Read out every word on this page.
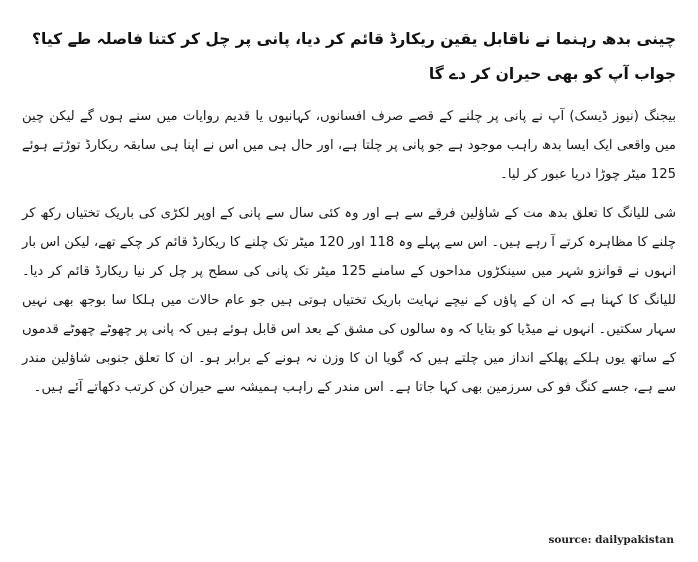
چینی بدھ رہنما نے ناقابل یقین ریکارڈ قائم کر دیا، پانی پر چل کر کتنا فاصلہ طے کیا؟ جواب آپ کو بھی حیران کر دے گا

بیجنگ (نیوز ڈیسک) آپ نے پانی پر چلنے کے قصے صرف افسانوں، کہانیوں یا قدیم روایات میں سنے ہوں گے لیکن چین میں واقعی ایک ایسا بدھ راہب موجود ہے جو پانی پر چلتا ہے، اور حال ہی میں اس نے اپنا ہی سابقہ ریکارڈ توڑتے ہوئے 125 میٹر چوڑا دریا عبور کر لیا۔

شی للیانگ کا تعلق بدھ مت کے شاؤلین فرقے سے ہے اور وہ کئی سال سے پانی کے اوپر لکڑی کی باریک تختیاں رکھ کر چلنے کا مظاہرہ کرتے آ رہے ہیں۔ اس سے پہلے وہ 118 اور 120 میٹر تک چلنے کا ریکارڈ قائم کر چکے تھے، لیکن اس بار انہوں نے قوانزو شہر میں سینکڑوں مداحوں کے سامنے 125 میٹر تک پانی کی سطح پر چل کر نیا ریکارڈ قائم کر دیا۔ للیانگ کا کہنا ہے کہ ان کے پاؤں کے نیچے نہایت باریک تختیاں ہوتی ہیں جو عام حالات میں ہلکا سا بوجھ بھی نہیں سہار سکتیں۔ انہوں نے میڈیا کو بتایا کہ وہ سالوں کی مشق کے بعد اس قابل ہوئے ہیں کہ پانی پر چھوٹے چھوٹے قدموں کے ساتھ یوں ہلکے پھلکے انداز میں چلتے ہیں کہ گویا ان کا وزن نہ ہونے کے برابر ہو۔ ان کا تعلق جنوبی شاؤلین مندر سے ہے، جسے کنگ فو کی سرزمین بھی کہا جاتا ہے۔ اس مندر کے راہب ہمیشہ سے حیران کن کرتب دکھاتے آئے ہیں۔

source: dailypakistan
